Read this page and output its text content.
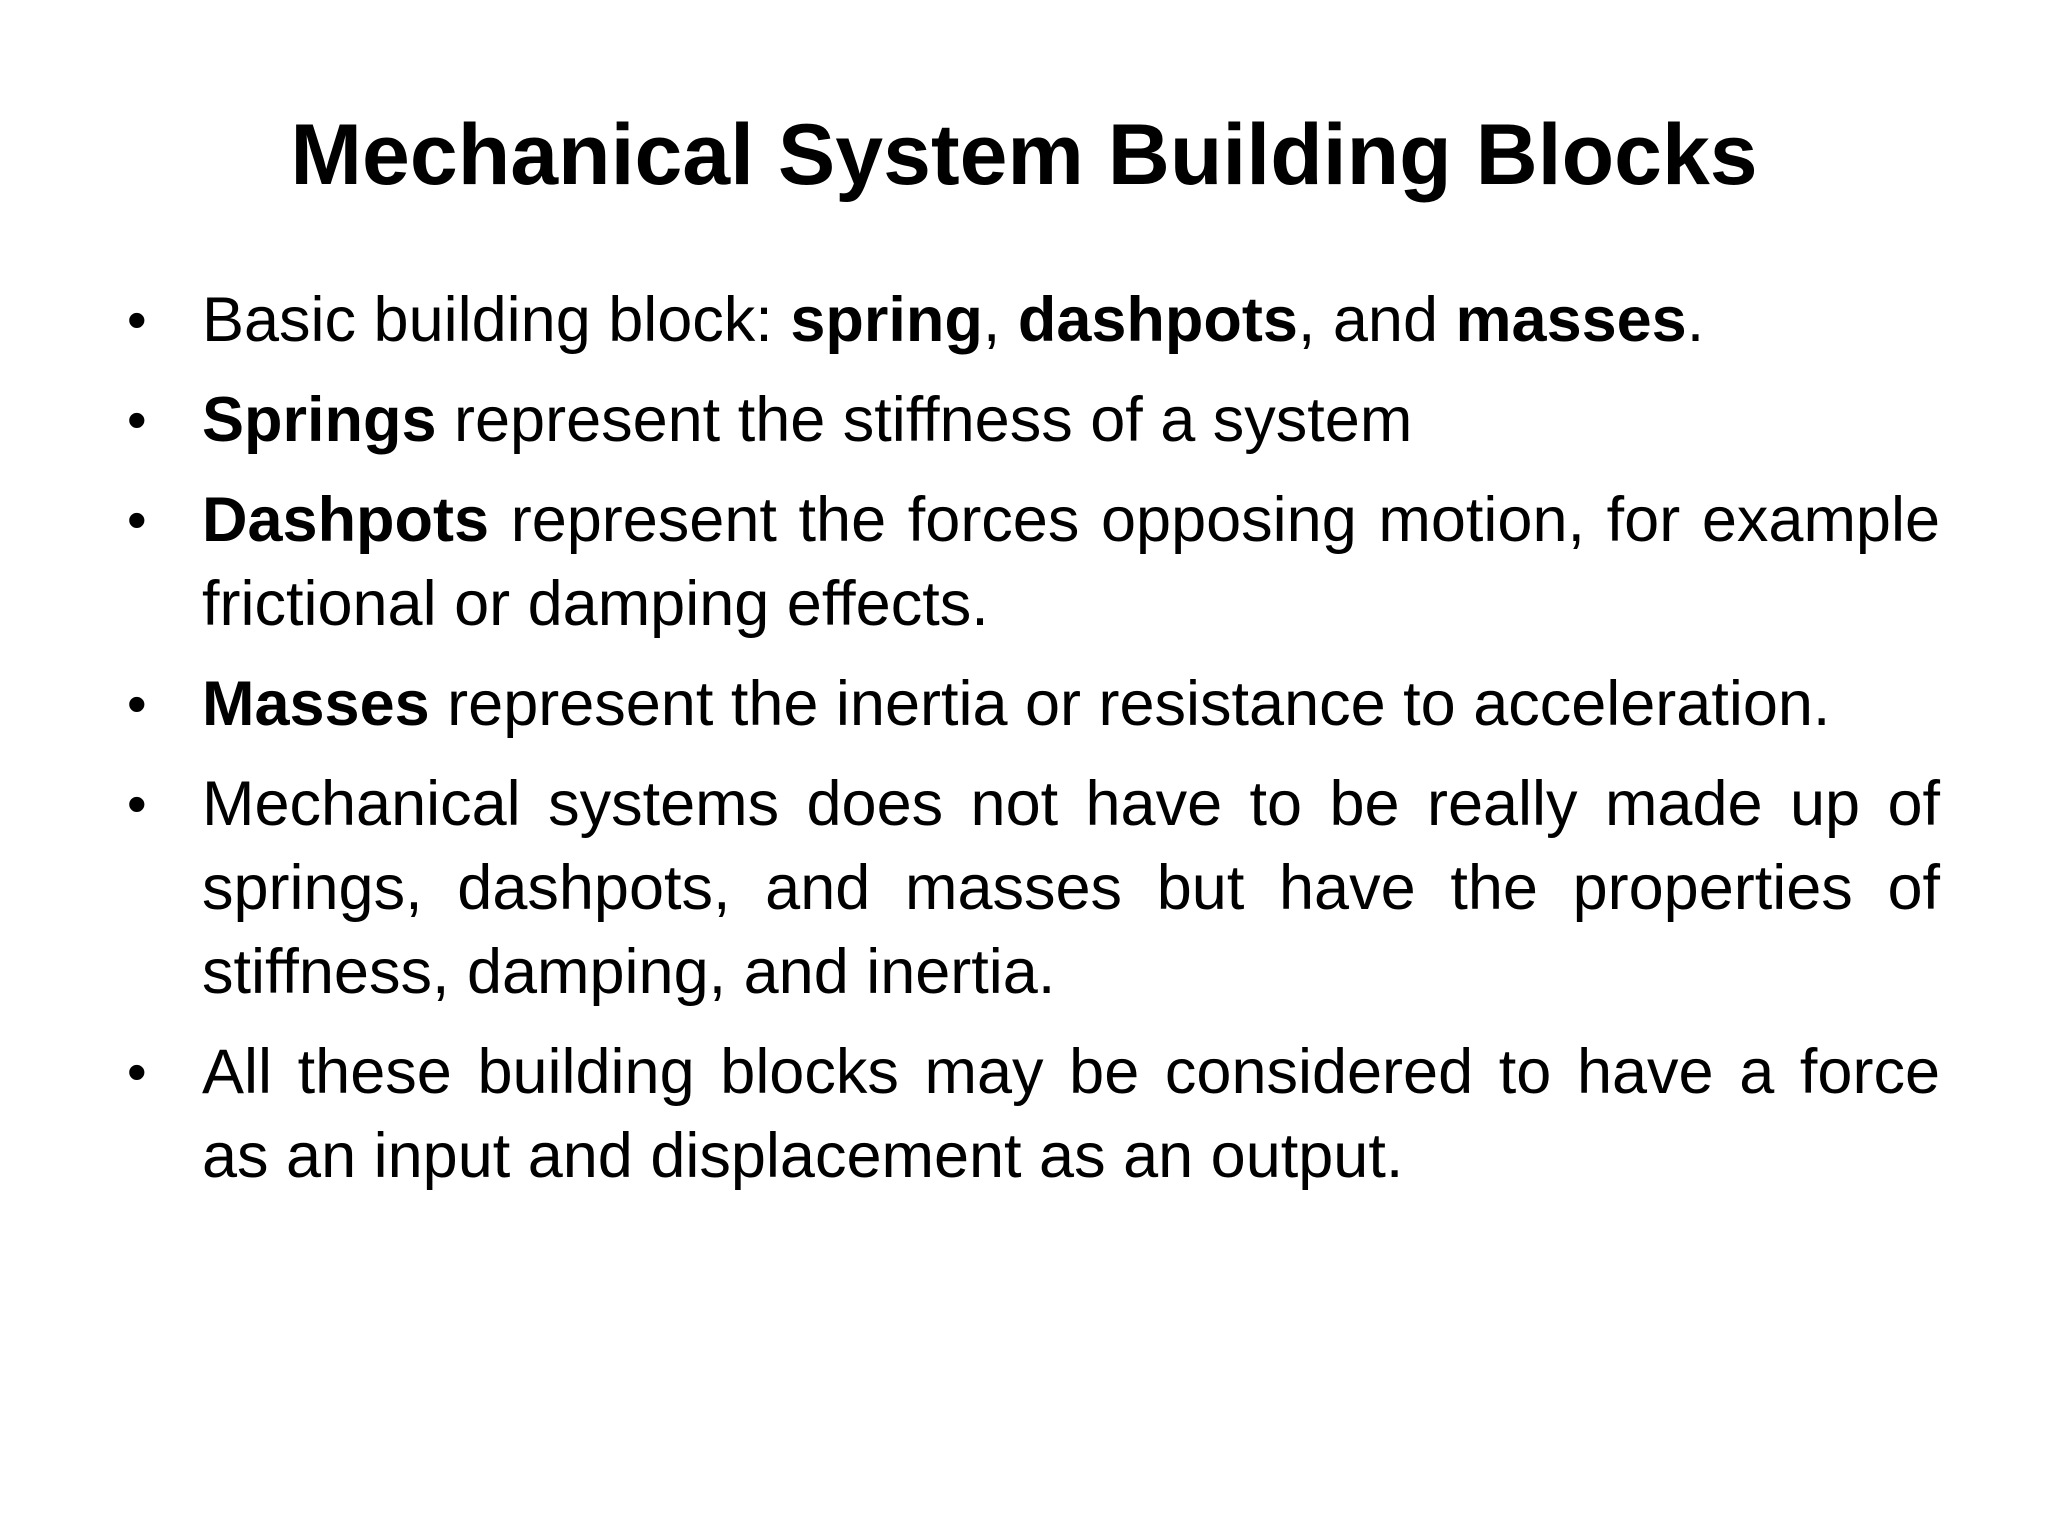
Mechanical System Building Blocks
• Basic building block: spring, dashpots, and masses.
• Springs represent the stiffness of a system
• Dashpots represent the forces opposing motion, for example frictional or damping effects.
• Masses represent the inertia or resistance to acceleration.
• Mechanical systems does not have to be really made up of springs, dashpots, and masses but have the properties of stiffness, damping, and inertia.
• All these building blocks may be considered to have a force as an input and displacement as an output.
